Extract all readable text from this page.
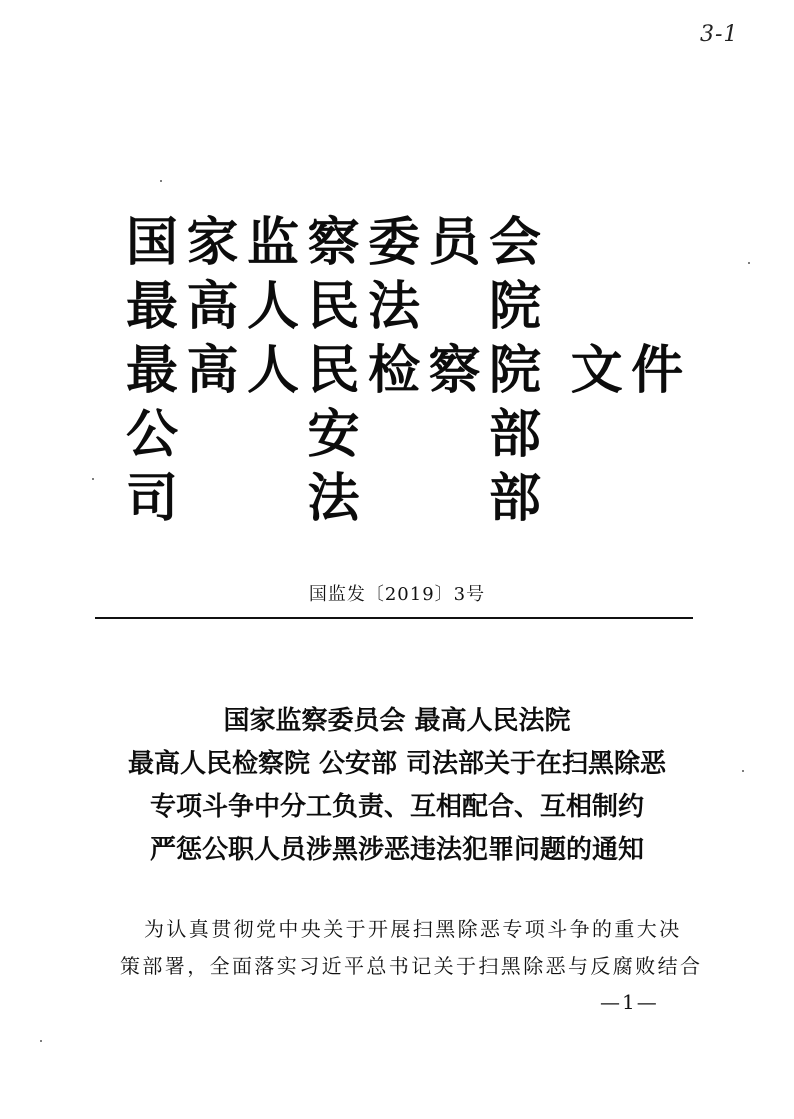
3-1
国 家 监 察 委 员 会
最 高 人 民 法 院
最 高 人 民 检 察 院 文 件
公 安 部
司 法 部
国监发〔2019〕3号
国家监察委员会 最高人民法院
最高人民检察院 公安部 司法部关于在扫黑除恶
专项斗争中分工负责、互相配合、互相制约
严惩公职人员涉黑涉恶违法犯罪问题的通知
为认真贯彻党中央关于开展扫黑除恶专项斗争的重大决
策部署，全面落实习近平总书记关于扫黑除恶与反腐败结合
—1—
